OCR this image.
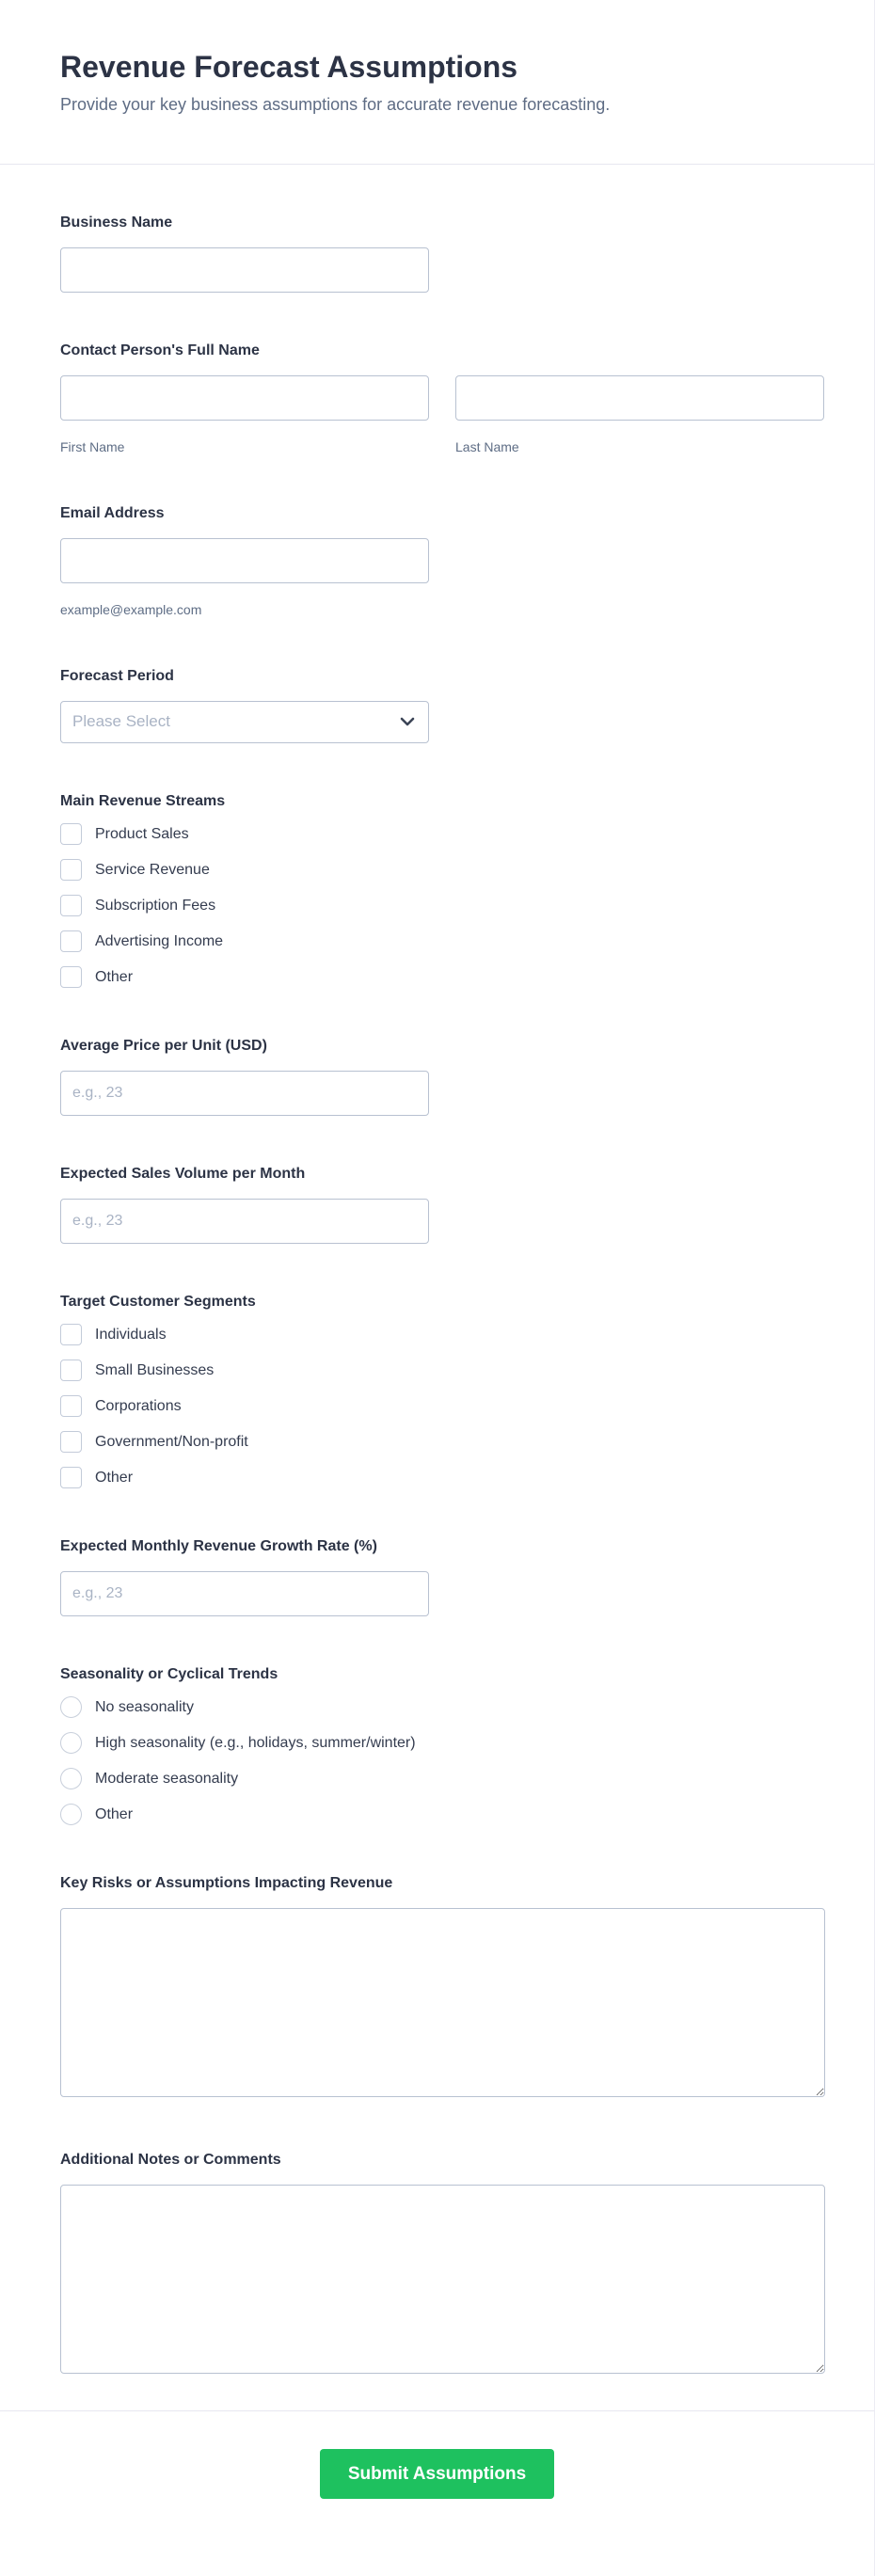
Revenue Forecast Assumptions
Provide your key business assumptions for accurate revenue forecasting.
Business Name
Contact Person's Full Name
First Name	Last Name
Email Address
example@example.com
Forecast Period
Please Select
Main Revenue Streams
Product Sales
Service Revenue
Subscription Fees
Advertising Income
Other
Average Price per Unit (USD)
e.g., 23
Expected Sales Volume per Month
e.g., 23
Target Customer Segments
Individuals
Small Businesses
Corporations
Government/Non-profit
Other
Expected Monthly Revenue Growth Rate (%)
e.g., 23
Seasonality or Cyclical Trends
No seasonality
High seasonality (e.g., holidays, summer/winter)
Moderate seasonality
Other
Key Risks or Assumptions Impacting Revenue
Additional Notes or Comments
Submit Assumptions
